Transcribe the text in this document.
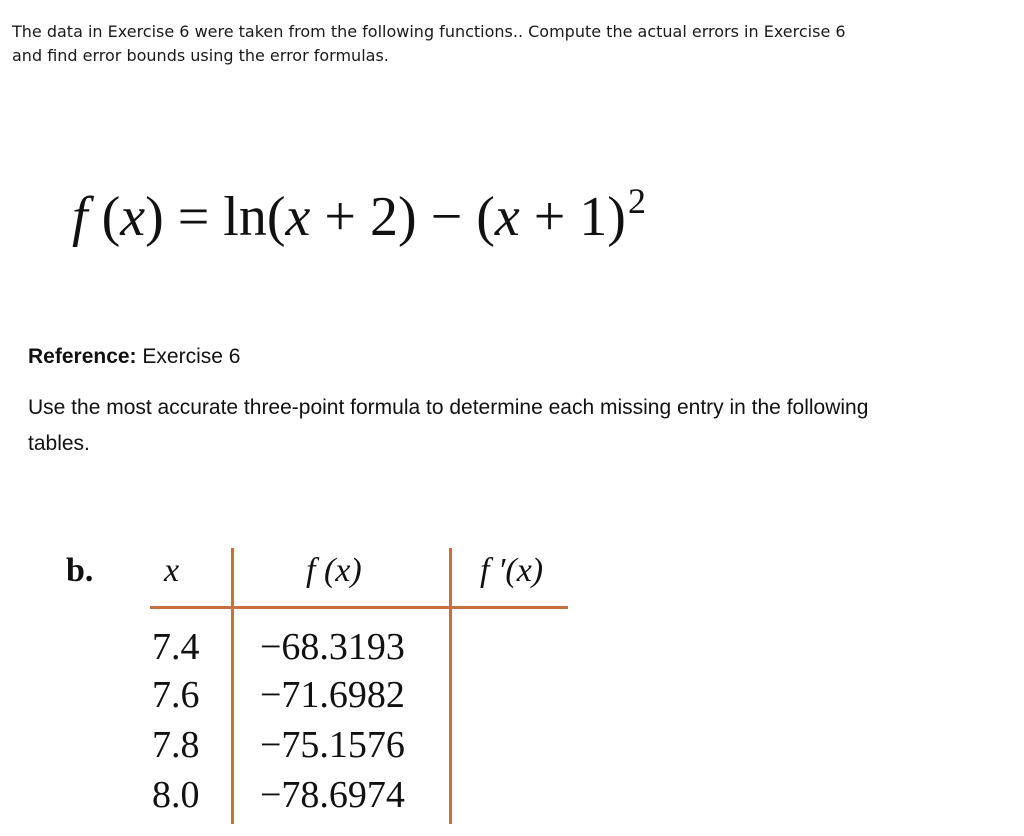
The data in Exercise 6 were taken from the following functions.. Compute the actual errors in Exercise 6
and find error bounds using the error formulas.
f $(x) = \ln(x + 2) - (x + 1)^2$
Reference: Exercise 6
Use the most accurate three-point formula to determine each missing entry in the following
tables.
b. x	f (x)	f ′(x)
7.4 −68.3193
7.6 −71.6982
7.8 −75.1576
8.0 −78.6974
